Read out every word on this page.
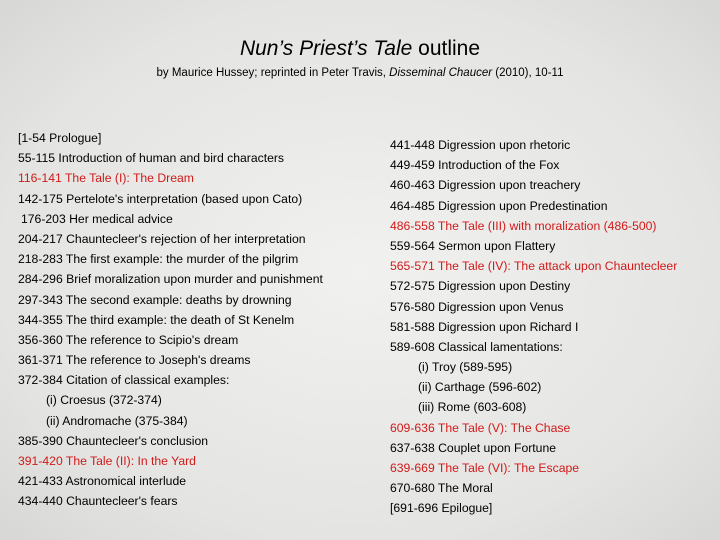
Nun’s Priest’s Tale outline
by Maurice Hussey; reprinted in Peter Travis, Disseminal Chaucer (2010), 10-11
[1-54 Prologue]
55-115 Introduction of human and bird characters
116-141 The Tale (I): The Dream
142-175 Pertelote's interpretation (based upon Cato)
176-203 Her medical advice
204-217 Chauntecleer's rejection of her interpretation
218-283 The first example: the murder of the pilgrim
284-296 Brief moralization upon murder and punishment
297-343 The second example: deaths by drowning
344-355 The third example: the death of St Kenelm
356-360 The reference to Scipio's dream
361-371 The reference to Joseph's dreams
372-384 Citation of classical examples:
(i) Croesus (372-374)
(ii) Andromache (375-384)
385-390 Chauntecleer's conclusion
391-420 The Tale (II): In the Yard
421-433 Astronomical interlude
434-440 Chauntecleer's fears
441-448 Digression upon rhetoric
449-459 Introduction of the Fox
460-463 Digression upon treachery
464-485 Digression upon Predestination
486-558 The Tale (III) with moralization (486-500)
559-564 Sermon upon Flattery
565-571 The Tale (IV): The attack upon Chauntecleer
572-575 Digression upon Destiny
576-580 Digression upon Venus
581-588 Digression upon Richard I
589-608 Classical lamentations:
(i) Troy (589-595)
(ii) Carthage (596-602)
(iii) Rome (603-608)
609-636 The Tale (V): The Chase
637-638 Couplet upon Fortune
639-669 The Tale (VI): The Escape
670-680 The Moral
[691-696 Epilogue]
